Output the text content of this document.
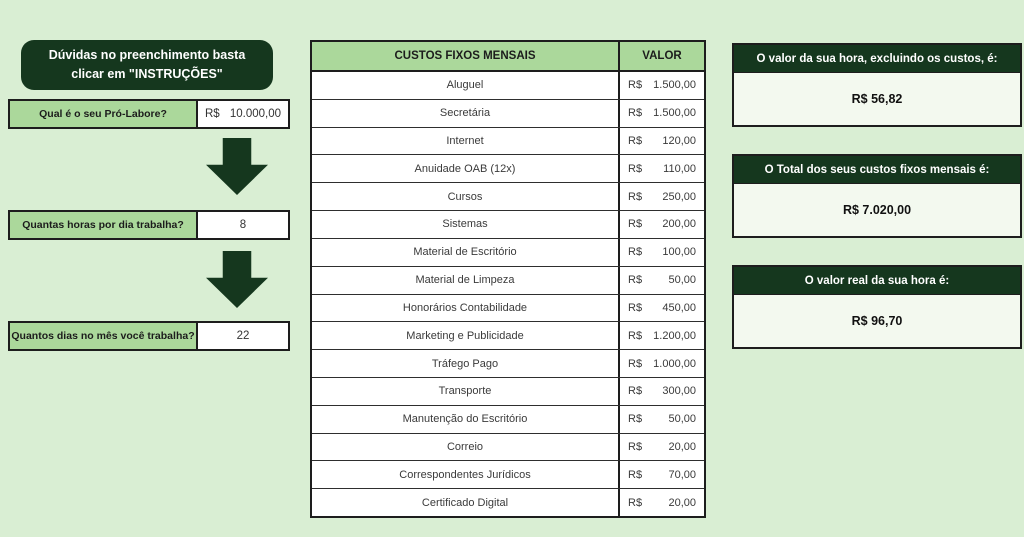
Dúvidas no preenchimento basta
clicar em "INSTRUÇÕES"
Qual é o seu Pró-Labore?	R$ 10.000,00
Quantas horas por dia trabalha?	8
Quantos dias no mês você trabalha?	22
CUSTOS FIXOS MENSAIS	VALOR
Aluguel	R$ 1.500,00
Secretária	R$ 1.500,00
Internet	R$ 120,00
Anuidade OAB (12x)	R$ 110,00
Cursos	R$ 250,00
Sistemas	R$ 200,00
Material de Escritório	R$ 100,00
Material de Limpeza	R$ 50,00
Honorários Contabilidade	R$ 450,00
Marketing e Publicidade	R$ 1.200,00
Tráfego Pago	R$ 1.000,00
Transporte	R$ 300,00
Manutenção do Escritório	R$ 50,00
Correio	R$ 20,00
Correspondentes Jurídicos	R$ 70,00
Certificado Digital	R$ 20,00
O valor da sua hora, excluindo os custos, é:
R$ 56,82
O Total dos seus custos fixos mensais é:
R$ 7.020,00
O valor real da sua hora é:
R$ 96,70
